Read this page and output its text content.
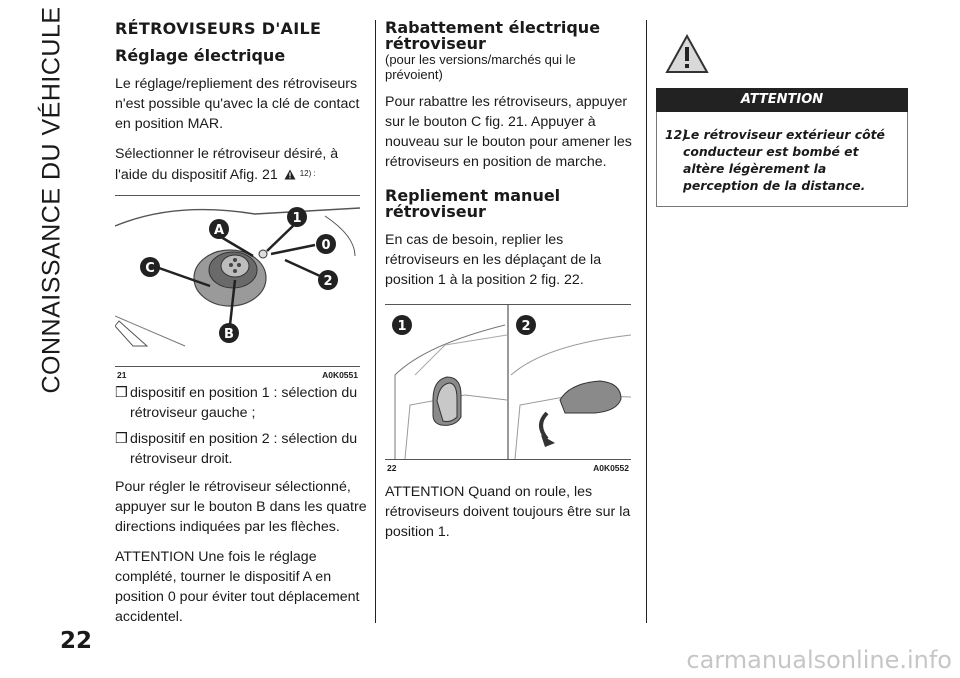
CONNAISSANCE DU VÉHICULE	RÉTROVISEURS D'AILE
Réglage électrique

Le réglage/repliement des rétroviseurs n'est possible qu'avec la clé de contact en position MAR.

Sélectionner le rétroviseur désiré, à l'aide du dispositif Afig. 21	$^{12) :}$

A
1
0
C
2
B
21	A0K0551
❒ dispositif en position 1 : sélection du rétroviseur gauche ;
❒ dispositif en position 2 : sélection du rétroviseur droit.

Pour régler le rétroviseur sélectionné, appuyer sur le bouton B dans les quatre directions indiquées par les flèches.

ATTENTION Une fois le réglage complété, tourner le dispositif A en position 0 pour éviter tout déplacement accidentel.

Rabattement électrique rétroviseur

(pour les versions/marchés qui le prévoient)

Pour rabattre les rétroviseurs, appuyer sur le bouton C fig. 21. Appuyer à nouveau sur le bouton pour amener les rétroviseurs en position de marche.

Repliement manuel rétroviseur

En cas de besoin, replier les rétroviseurs en les déplaçant de la position 1 à la position 2 fig. 22.

1	2
22	A0K0552

ATTENTION Quand on roule, les rétroviseurs doivent toujours être sur la position 1.

ATTENTION
12)
Le rétroviseur extérieur côté conducteur est bombé et altère légèrement la perception de la distance.
22
carmanualsonline.info
